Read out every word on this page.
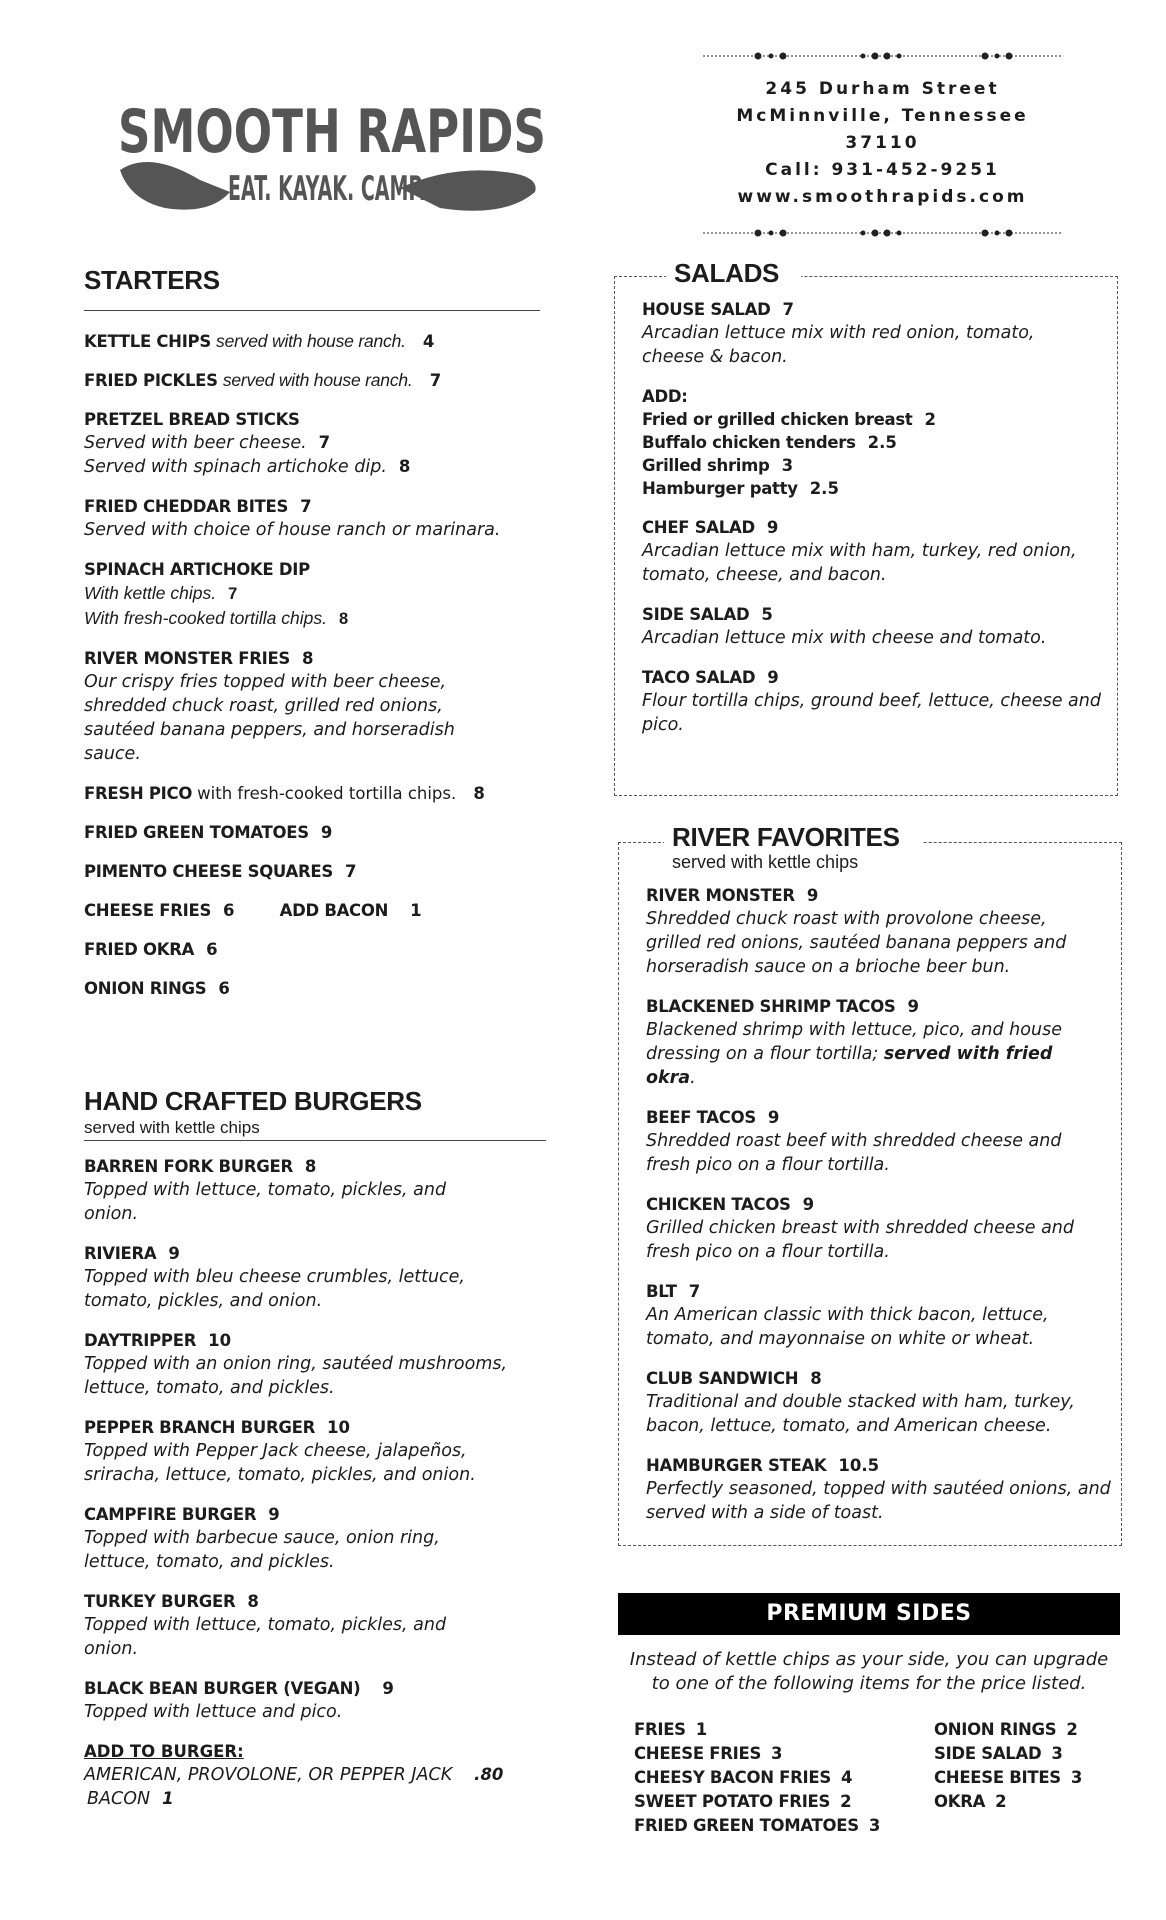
SMOOTH RAPIDS
EAT. KAYAK. CAMP.
245 Durham Street
McMinnville, Tennessee 37110
Call: 931-452-9251
www.smoothrapids.com
STARTERS
KETTLE CHIPS served with house ranch. 4
FRIED PICKLES served with house ranch. 7
PRETZEL BREAD STICKS
Served with beer cheese. 7
Served with spinach artichoke dip. 8
FRIED CHEDDAR BITES 7
Served with choice of house ranch or marinara.
SPINACH ARTICHOKE DIP
With kettle chips. 7
With fresh-cooked tortilla chips. 8
RIVER MONSTER FRIES 8
Our crispy fries topped with beer cheese, shredded chuck roast, grilled red onions, sautéed banana peppers, and horseradish sauce.
FRESH PICO with fresh-cooked tortilla chips. 8
FRIED GREEN TOMATOES 9
PIMENTO CHEESE SQUARES 7
CHEESE FRIES 6	ADD BACON 1
FRIED OKRA 6
ONION RINGS 6
HAND CRAFTED BURGERS
served with kettle chips
BARREN FORK BURGER 8
Topped with lettuce, tomato, pickles, and onion.
RIVIERA 9
Topped with bleu cheese crumbles, lettuce, tomato, pickles, and onion.
DAYTRIPPER 10
Topped with an onion ring, sautéed mushrooms, lettuce, tomato, and pickles.
PEPPER BRANCH BURGER 10
Topped with Pepper Jack cheese, jalapeños, sriracha, lettuce, tomato, pickles, and onion.
CAMPFIRE BURGER 9
Topped with barbecue sauce, onion ring, lettuce, tomato, and pickles.
TURKEY BURGER 8
Topped with lettuce, tomato, pickles, and onion.
BLACK BEAN BURGER (VEGAN) 9
Topped with lettuce and pico.
ADD TO BURGER:
AMERICAN, PROVOLONE, OR PEPPER JACK .80
BACON 1
SALADS
HOUSE SALAD 7
Arcadian lettuce mix with red onion, tomato, cheese & bacon.
ADD:
Fried or grilled chicken breast 2
Buffalo chicken tenders 2.5
Grilled shrimp 3
Hamburger patty 2.5
CHEF SALAD 9
Arcadian lettuce mix with ham, turkey, red onion, tomato, cheese, and bacon.
SIDE SALAD 5
Arcadian lettuce mix with cheese and tomato.
TACO SALAD 9
Flour tortilla chips, ground beef, lettuce, cheese and pico.
RIVER FAVORITES
served with kettle chips
RIVER MONSTER 9
Shredded chuck roast with provolone cheese, grilled red onions, sautéed banana peppers and horseradish sauce on a brioche beer bun.
BLACKENED SHRIMP TACOS 9
Blackened shrimp with lettuce, pico, and house dressing on a flour tortilla; served with fried okra.
BEEF TACOS 9
Shredded roast beef with shredded cheese and fresh pico on a flour tortilla.
CHICKEN TACOS 9
Grilled chicken breast with shredded cheese and fresh pico on a flour tortilla.
BLT 7
An American classic with thick bacon, lettuce, tomato, and mayonnaise on white or wheat.
CLUB SANDWICH 8
Traditional and double stacked with ham, turkey, bacon, lettuce, tomato, and American cheese.
HAMBURGER STEAK 10.5
Perfectly seasoned, topped with sautéed onions, and served with a side of toast.
PREMIUM SIDES
Instead of kettle chips as your side, you can upgrade to one of the following items for the price listed.
FRIES 1
CHEESE FRIES 3
CHEESY BACON FRIES 4
SWEET POTATO FRIES 2
FRIED GREEN TOMATOES 3
ONION RINGS 2
SIDE SALAD 3
CHEESE BITES 3
OKRA 2
